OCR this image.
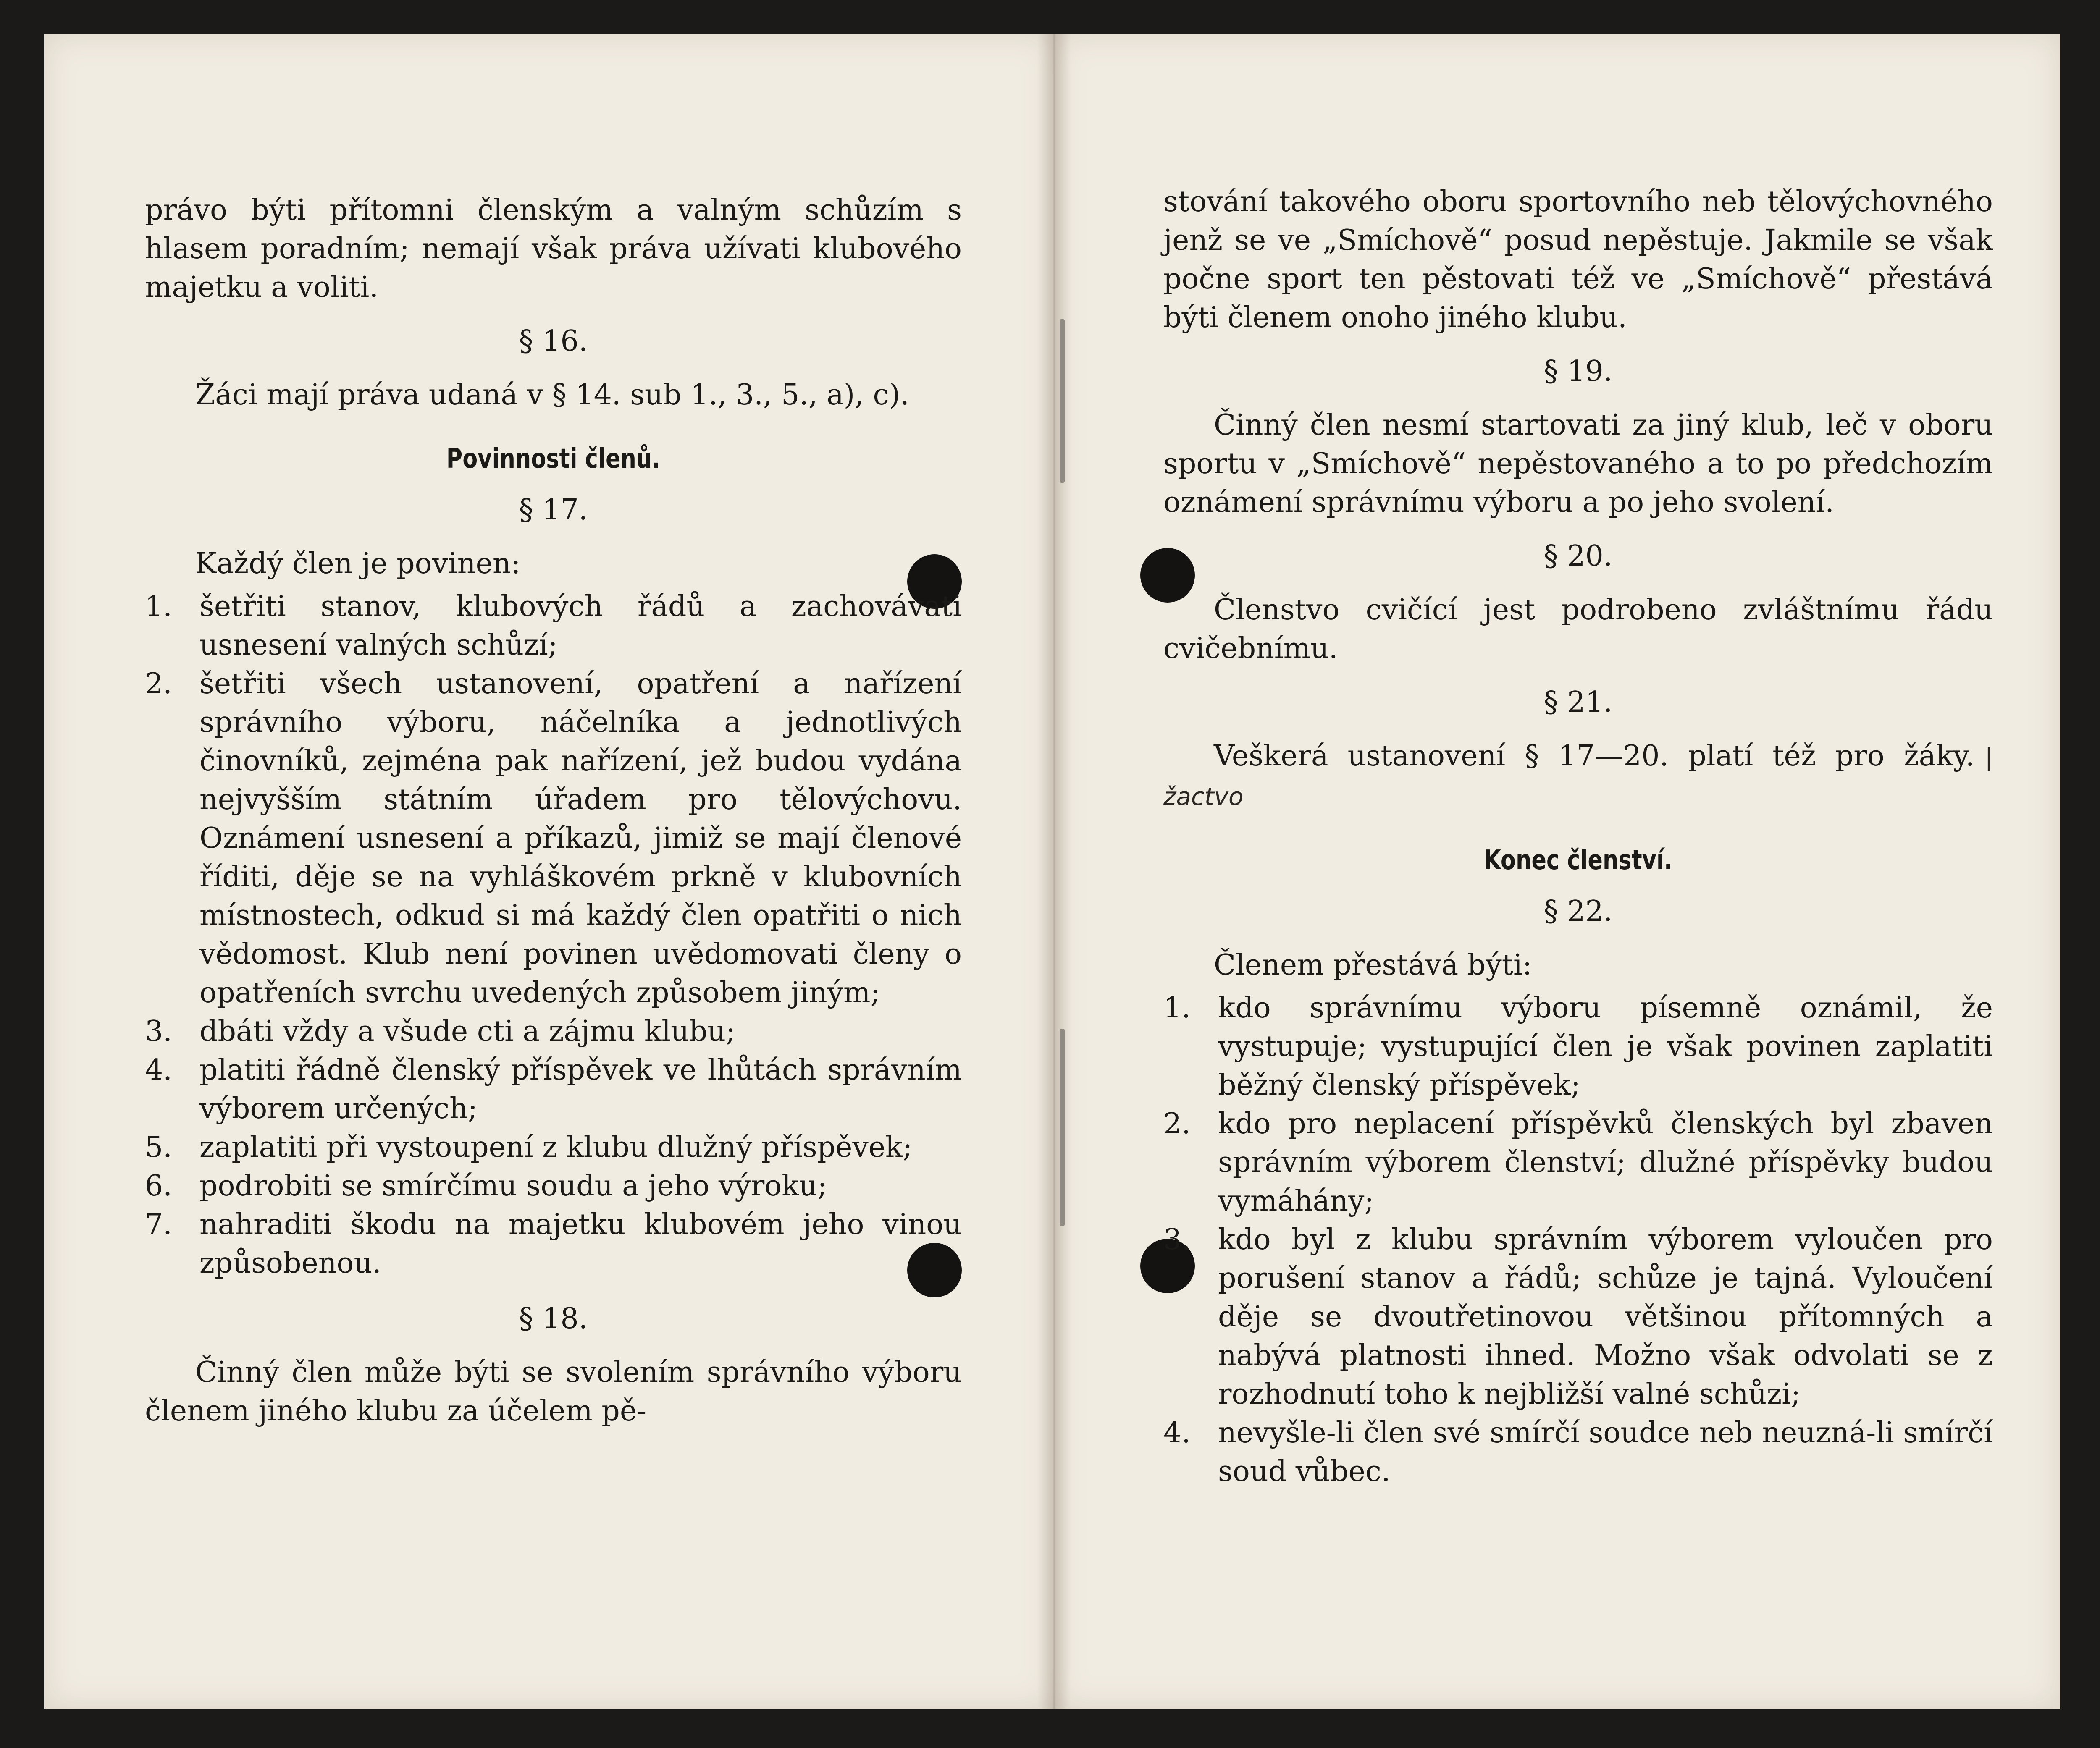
právo býti přítomni členským a valným schůzím s hlasem poradním; nemají však práva užívati klubového majetku a voliti.

§ 16.

Žáci mají práva udaná v § 14. sub 1., 3., 5., a), c).

Povinnosti členů.

§ 17.

Každý člen je povinen:

1. šetřiti stanov, klubových řádů a zachovávati usnesení valných schůzí;
2. šetřiti všech ustanovení, opatření a nařízení správního výboru, náčelníka a jednotlivých činovníků, zejména pak nařízení, jež budou vydána nejvyšším státním úřadem pro tělovýchovu. Oznámení usnesení a příkazů, jimiž se mají členové říditi, děje se na vyhláškovém prkně v klubovních místnostech, odkud si má každý člen opatřiti o nich vědomost. Klub není povinen uvědomovati členy o opatřeních svrchu uvedených způsobem jiným;
3. dbáti vždy a všude cti a zájmu klubu;
4. platiti řádně členský příspěvek ve lhůtách správním výborem určených;
5. zaplatiti při vystoupení z klubu dlužný příspěvek;
6. podrobiti se smírčímu soudu a jeho výroku;
7. nahraditi škodu na majetku klubovém jeho vinou způsobenou.

§ 18.

Činný člen může býti se svolením správního výboru členem jiného klubu za účelem pě-

stování takového oboru sportovního neb tělovýchovného jenž se ve „Smíchově“ posud nepěstuje. Jakmile se však počne sport ten pěstovati též ve „Smíchově“ přestává býti členem onoho jiného klubu.

§ 19.

Činný člen nesmí startovati za jiný klub, leč v oboru sportu v „Smíchově“ nepěstovaného a to po předchozím oznámení správnímu výboru a po jeho svolení.

§ 20.

Členstvo cvičící jest podrobeno zvláštnímu řádu cvičebnímu.

§ 21.

Veškerá ustanovení § 17—20. platí též pro žáky. | žactvo

Konec členství.

§ 22.

Členem přestává býti:

1. kdo správnímu výboru písemně oznámil, že vystupuje; vystupující člen je však povinen zaplatiti běžný členský příspěvek;
2. kdo pro neplacení příspěvků členských byl zbaven správním výborem členství; dlužné příspěvky budou vymáhány;
3. kdo byl z klubu správním výborem vyloučen pro porušení stanov a řádů; schůze je tajná. Vyloučení děje se dvoutřetinovou většinou přítomných a nabývá platnosti ihned. Možno však odvolati se z rozhodnutí toho k nejbližší valné schůzi;
4. nevyšle-li člen své smírčí soudce neb neuzná-li smírčí soud vůbec.
